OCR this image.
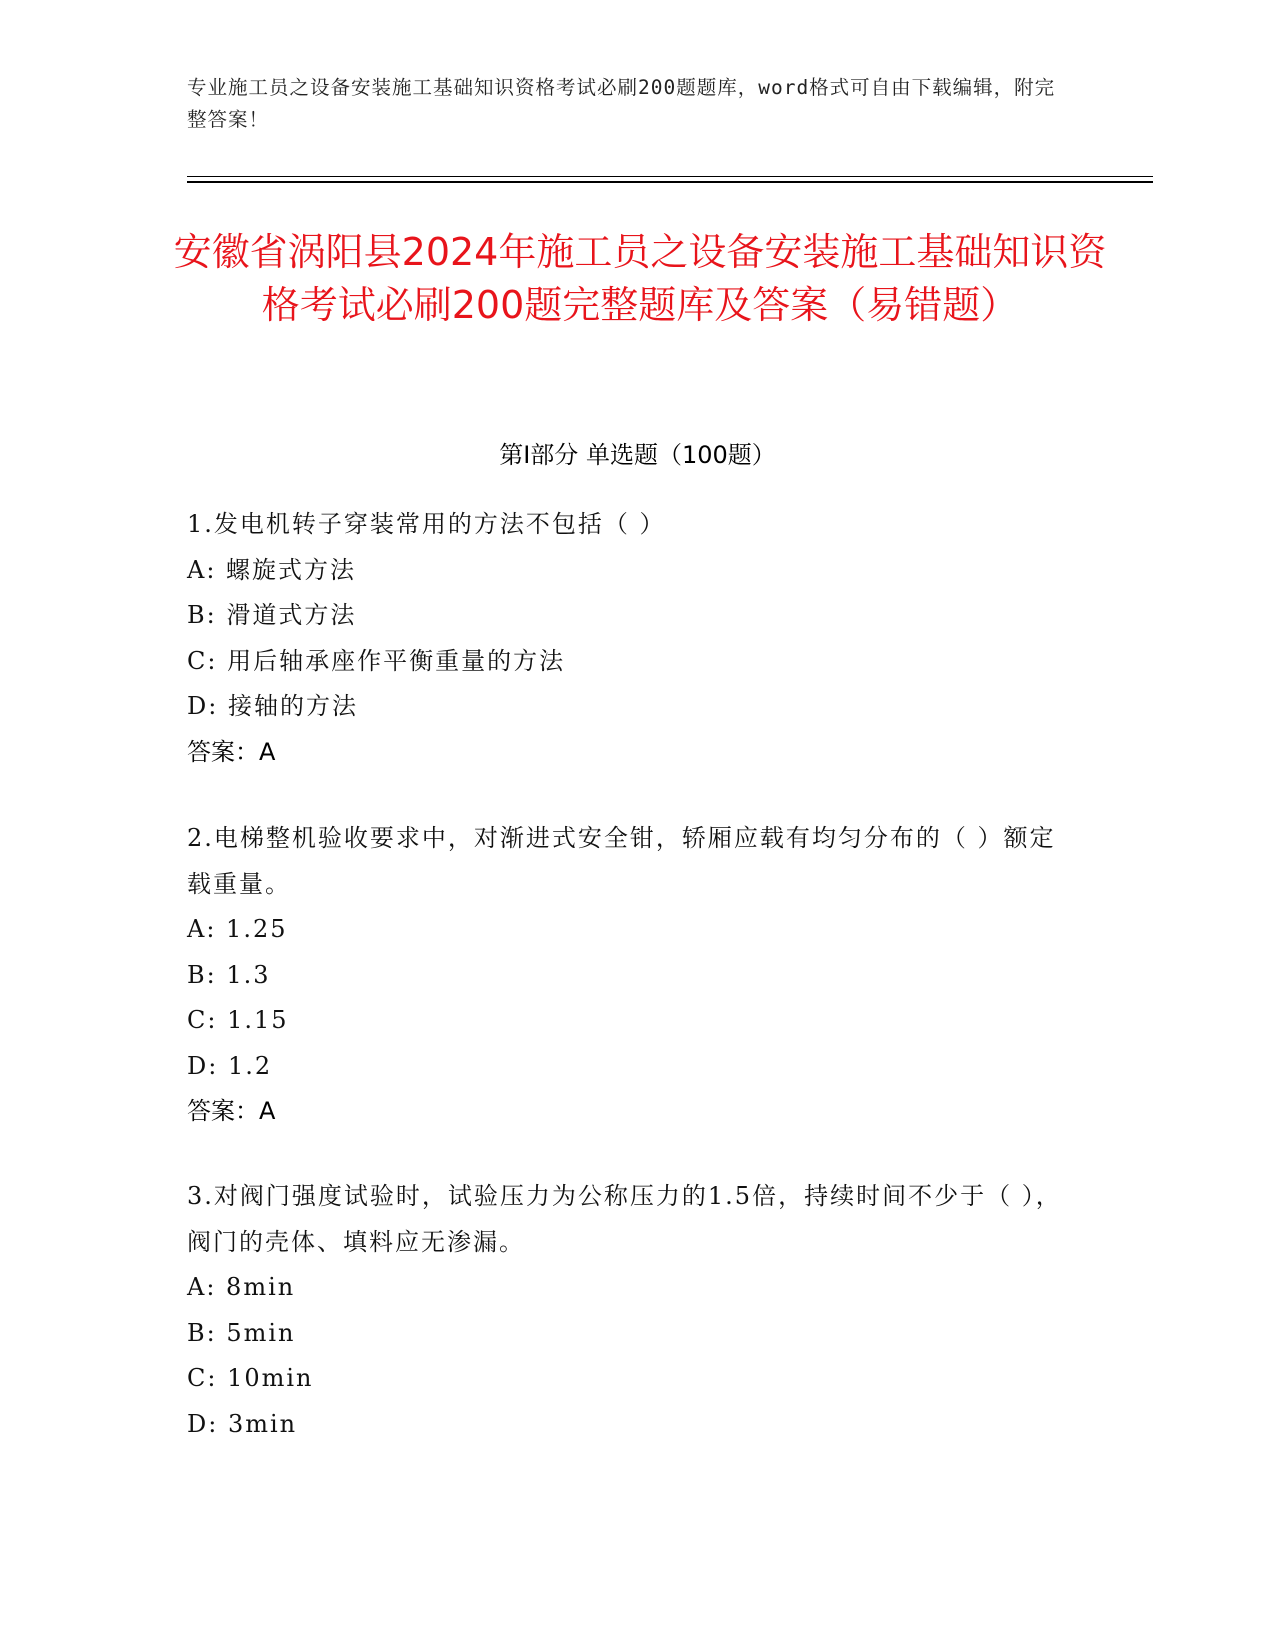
专业施工员之设备安装施工基础知识资格考试必刷200题题库，word格式可自由下载编辑，附完整答案！
安徽省涡阳县2024年施工员之设备安装施工基础知识资格考试必刷200题完整题库及答案（易错题）
第Ⅰ部分 单选题（100题）
1.发电机转子穿装常用的方法不包括（ ）
A: 螺旋式方法
B: 滑道式方法
C: 用后轴承座作平衡重量的方法
D: 接轴的方法
答案：A
2.电梯整机验收要求中，对渐进式安全钳，轿厢应载有均匀分布的（ ）额定载重量。
A: 1.25
B: 1.3
C: 1.15
D: 1.2
答案：A
3.对阀门强度试验时，试验压力为公称压力的1.5倍，持续时间不少于（ ），阀门的壳体、填料应无渗漏。
A: 8min
B: 5min
C: 10min
D: 3min
